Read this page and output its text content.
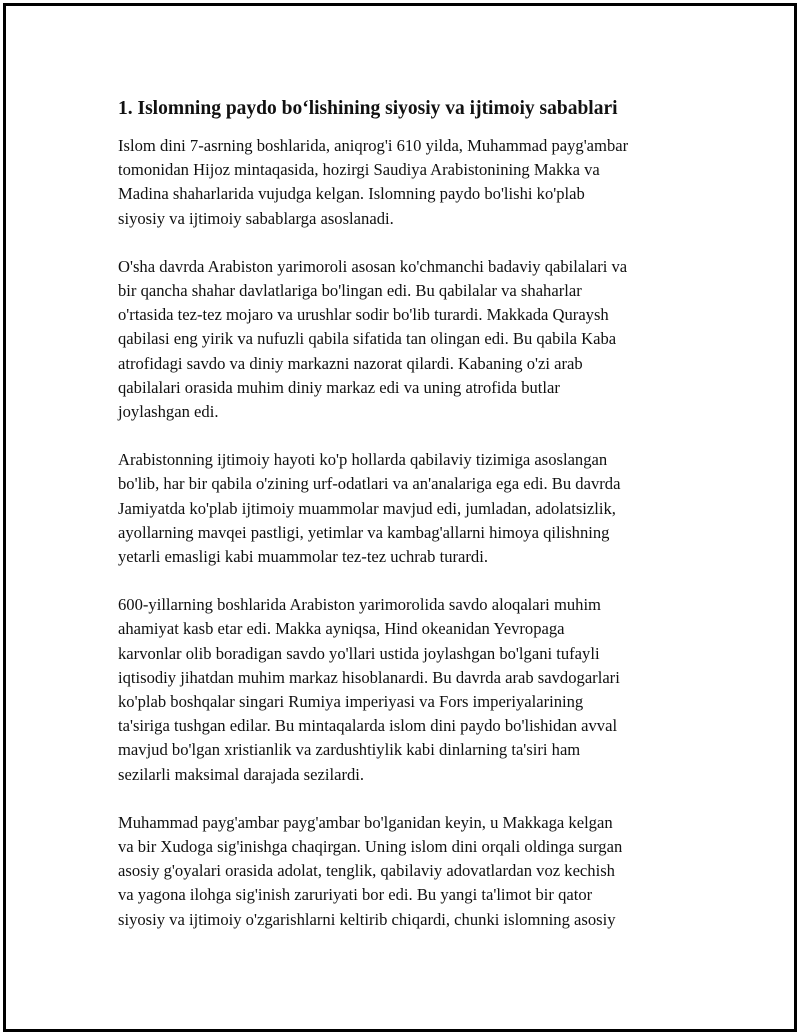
1. Islomning paydo bo‘lishining siyosiy va ijtimoiy sabablari

Islom dini 7-asrning boshlarida, aniqrog'i 610 yilda, Muhammad payg'ambar
tomonidan Hijoz mintaqasida, hozirgi Saudiya Arabistonining Makka va
Madina shaharlarida vujudga kelgan. Islomning paydo bo'lishi ko'plab
siyosiy va ijtimoiy sabablarga asoslanadi.

O'sha davrda Arabiston yarimoroli asosan ko'chmanchi badaviy qabilalari va
bir qancha shahar davlatlariga bo'lingan edi. Bu qabilalar va shaharlar
o'rtasida tez-tez mojaro va urushlar sodir bo'lib turardi. Makkada Quraysh
qabilasi eng yirik va nufuzli qabila sifatida tan olingan edi. Bu qabila Kaba
atrofidagi savdo va diniy markazni nazorat qilardi. Kabaning o'zi arab
qabilalari orasida muhim diniy markaz edi va uning atrofida butlar
joylashgan edi.

Arabistonning ijtimoiy hayoti ko'p hollarda qabilaviy tizimiga asoslangan
bo'lib, har bir qabila o'zining urf-odatlari va an'analariga ega edi. Bu davrda
Jamiyatda ko'plab ijtimoiy muammolar mavjud edi, jumladan, adolatsizlik,
ayollarning mavqei pastligi, yetimlar va kambag'allarni himoya qilishning
yetarli emasligi kabi muammolar tez-tez uchrab turardi.

600-yillarning boshlarida Arabiston yarimorolida savdo aloqalari muhim
ahamiyat kasb etar edi. Makka ayniqsa, Hind okeanidan Yevropaga
karvonlar olib boradigan savdo yo'llari ustida joylashgan bo'lgani tufayli
iqtisodiy jihatdan muhim markaz hisoblanardi. Bu davrda arab savdogarlari
ko'plab boshqalar singari Rumiya imperiyasi va Fors imperiyalarining
ta'siriga tushgan edilar. Bu mintaqalarda islom dini paydo bo'lishidan avval
mavjud bo'lgan xristianlik va zardushtiylik kabi dinlarning ta'siri ham
sezilarli maksimal darajada sezilardi.

Muhammad payg'ambar payg'ambar bo'lganidan keyin, u Makkaga kelgan
va bir Xudoga sig'inishga chaqirgan. Uning islom dini orqali oldinga surgan
asosiy g'oyalari orasida adolat, tenglik, qabilaviy adovatlardan voz kechish
va yagona ilohga sig'inish zaruriyati bor edi. Bu yangi ta'limot bir qator
siyosiy va ijtimoiy o'zgarishlarni keltirib chiqardi, chunki islomning asosiy
